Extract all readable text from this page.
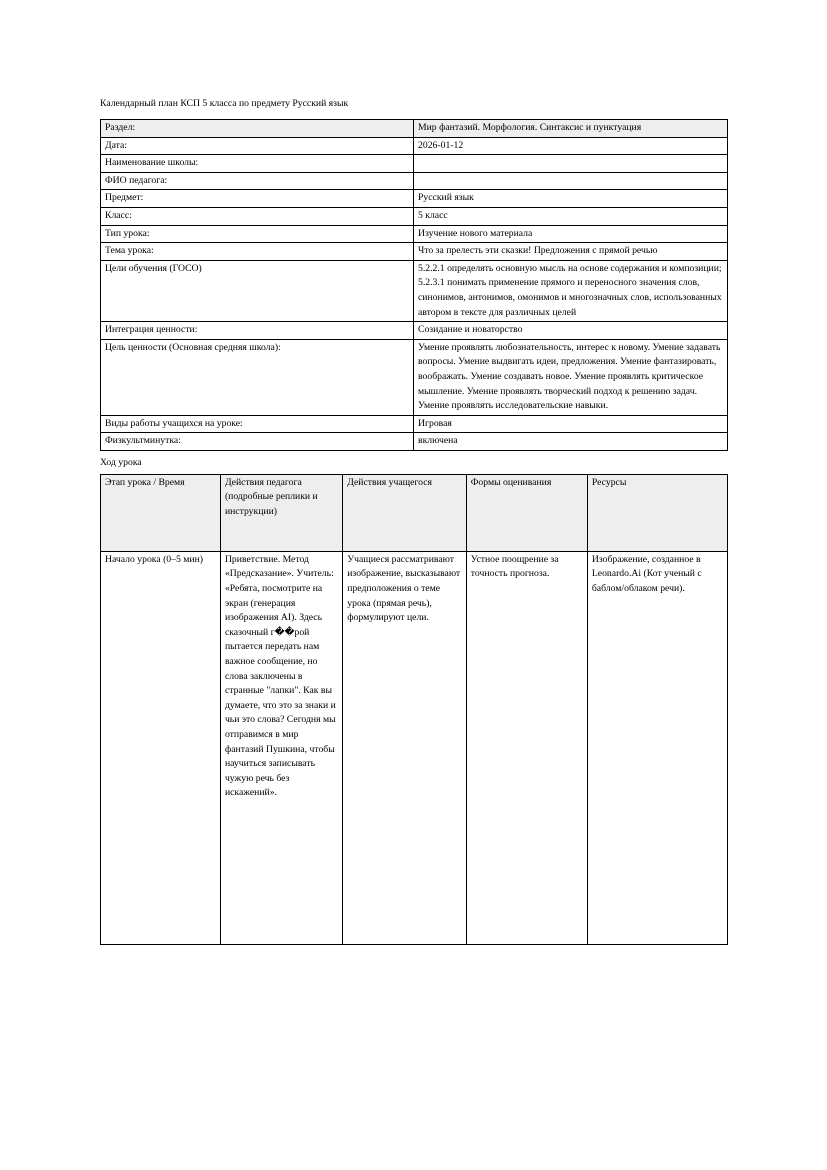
Календарный план КСП 5 класса по предмету Русский язык
Раздел:	Мир фантазий. Морфология. Синтаксис и пунктуация
Дата:	2026-01-12
Наименование школы:	
ФИО педагога:	
Предмет:	Русский язык
Класс:	5 класс
Тип урока:	Изучение нового материала
Тема урока:	Что за прелесть эти сказки! Предложения с прямой речью
Цели обучения (ГОСО)	5.2.2.1 определять основную мысль на основе содержания и композиции; 5.2.3.1 понимать применение прямого и переносного значения слов, синонимов, антонимов, омонимов и многозначных слов, использованных автором в тексте для различных целей
Интеграция ценности:	Созидание и новаторство
Цель ценности (Основная средняя школа):	Умение проявлять любознательность, интерес к новому. Умение задавать вопросы. Умение выдвигать идеи, предложения. Умение фантазировать, воображать. Умение создавать новое. Умение проявлять критическое мышление. Умение проявлять творческий подход к решению задач. Умение проявлять исследовательские навыки.
Виды работы учащихся на уроке:	Игровая
Физкультминутка:	включена
Ход урока
Этап урока / Время	Действия педагога (подробные реплики и инструкции)	Действия учащегося	Формы оценивания	Ресурсы
Начало урока (0–5 мин)	Приветствие. Метод «Предсказание». Учитель: «Ребята, посмотрите на экран (генерация изображения AI). Здесь сказочный г��рой пытается передать нам важное сообщение, но слова заключены в странные "лапки". Как вы думаете, что это за знаки и чьи это слова? Сегодня мы отправимся в мир фантазий Пушкина, чтобы научиться записывать чужую речь без искажений».	Учащиеся рассматривают изображение, высказывают предположения о теме урока (прямая речь), формулируют цели.	Устное поощрение за точность прогноза.	Изображение, созданное в Leonardo.Ai (Кот ученый с баблом/облаком речи).
